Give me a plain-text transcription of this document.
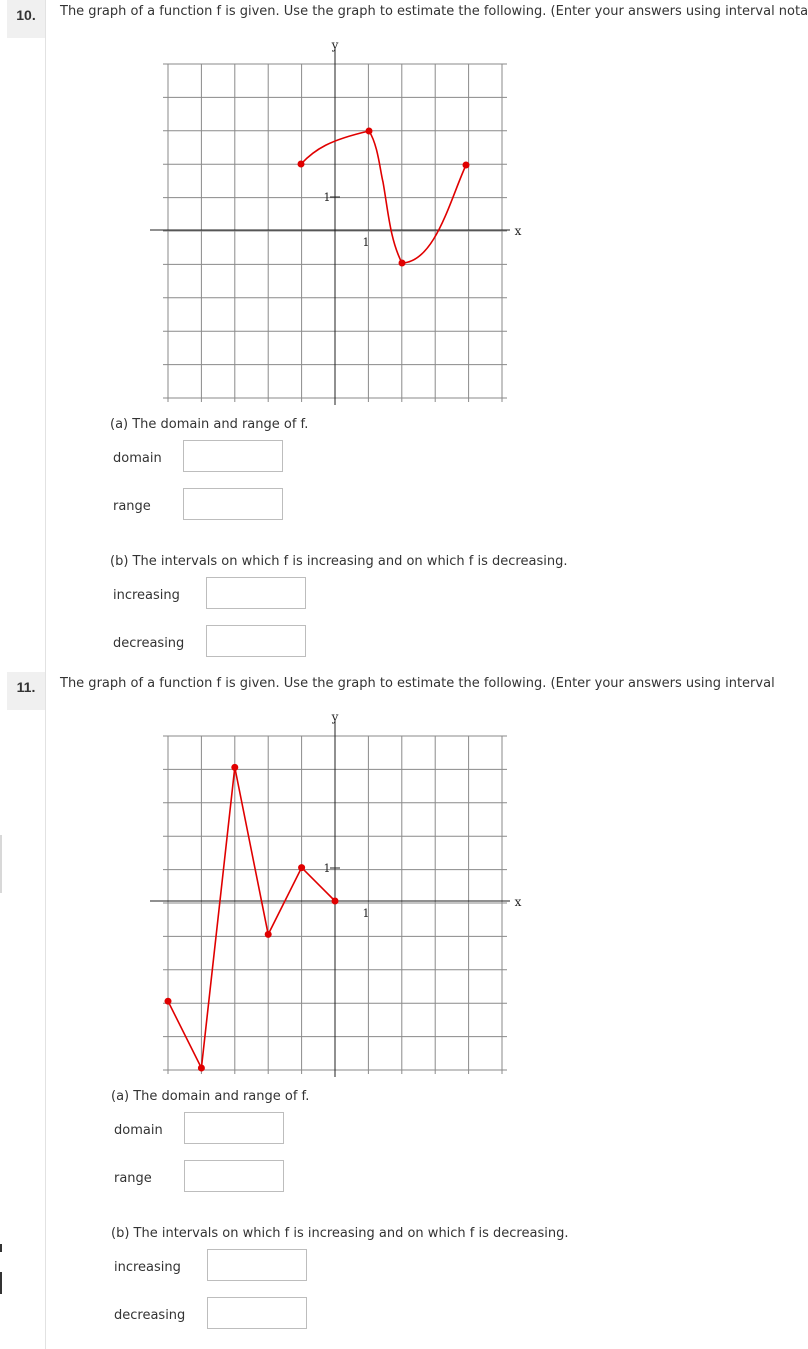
10.	The graph of a function f is given. Use the graph to estimate the following. (Enter your answers using interval nota
y
x
1
1
(a) The domain and range of f.
domain
range
(b) The intervals on which f is increasing and on which f is decreasing.
increasing
decreasing
11.	The graph of a function f is given. Use the graph to estimate the following. (Enter your answers using interval
y
x
1
1
(a) The domain and range of f.
domain
range
(b) The intervals on which f is increasing and on which f is decreasing.
increasing
decreasing
